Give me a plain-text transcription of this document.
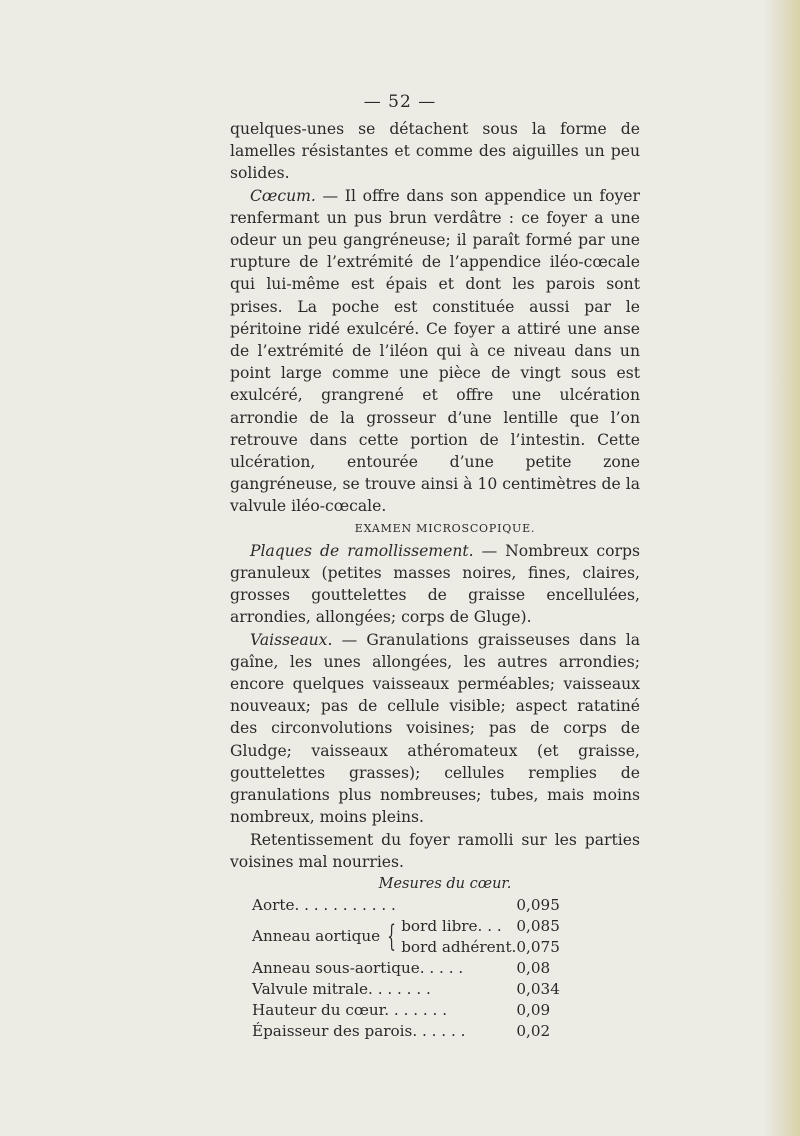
— 52 —

quelques-unes se détachent sous la forme de lamelles résistantes et comme des aiguilles un peu solides.

Cœcum. — Il offre dans son appendice un foyer renfermant un pus brun verdâtre : ce foyer a une odeur un peu gangréneuse; il paraît formé par une rupture de l’extrémité de l’appendice iléo-cœcale qui lui-même est épais et dont les parois sont prises. La poche est constituée aussi par le péritoine ridé exulcéré. Ce foyer a attiré une anse de l’extrémité de l’iléon qui à ce niveau dans un point large comme une pièce de vingt sous est exulcéré, grangrené et offre une ulcération arrondie de la grosseur d’une lentille que l’on retrouve dans cette portion de l’intestin. Cette ulcération, entourée d’une petite zone gangréneuse, se trouve ainsi à 10 centimètres de la valvule iléo-cœcale.

EXAMEN MICROSCOPIQUE.

Plaques de ramollissement. — Nombreux corps granuleux (petites masses noires, fines, claires, grosses gouttelettes de graisse encellulées, arrondies, allongées; corps de Gluge).

Vaisseaux. — Granulations graisseuses dans la gaîne, les unes allongées, les autres arrondies; encore quelques vaisseaux perméables; vaisseaux nouveaux; pas de cellule visible; aspect ratatiné des circonvolutions voisines; pas de corps de Gludge; vaisseaux athéromateux (et graisse, gouttelettes grasses); cellules remplies de granulations plus nombreuses; tubes, mais moins nombreux, moins pleins.

Retentissement du foyer ramolli sur les parties voisines mal nourries.

Mesures du cœur.

Aorte. . . . . . . . . . .		0,095
Anneau aortique {	bord libre. . .	0,085
	bord adhérent.	0,075
Anneau sous-aortique. . . . .		0,08
Valvule mitrale. . . . . . .		0,034
Hauteur du cœur. . . . . . .		0,09
Épaisseur des parois. . . . . .		0,02
